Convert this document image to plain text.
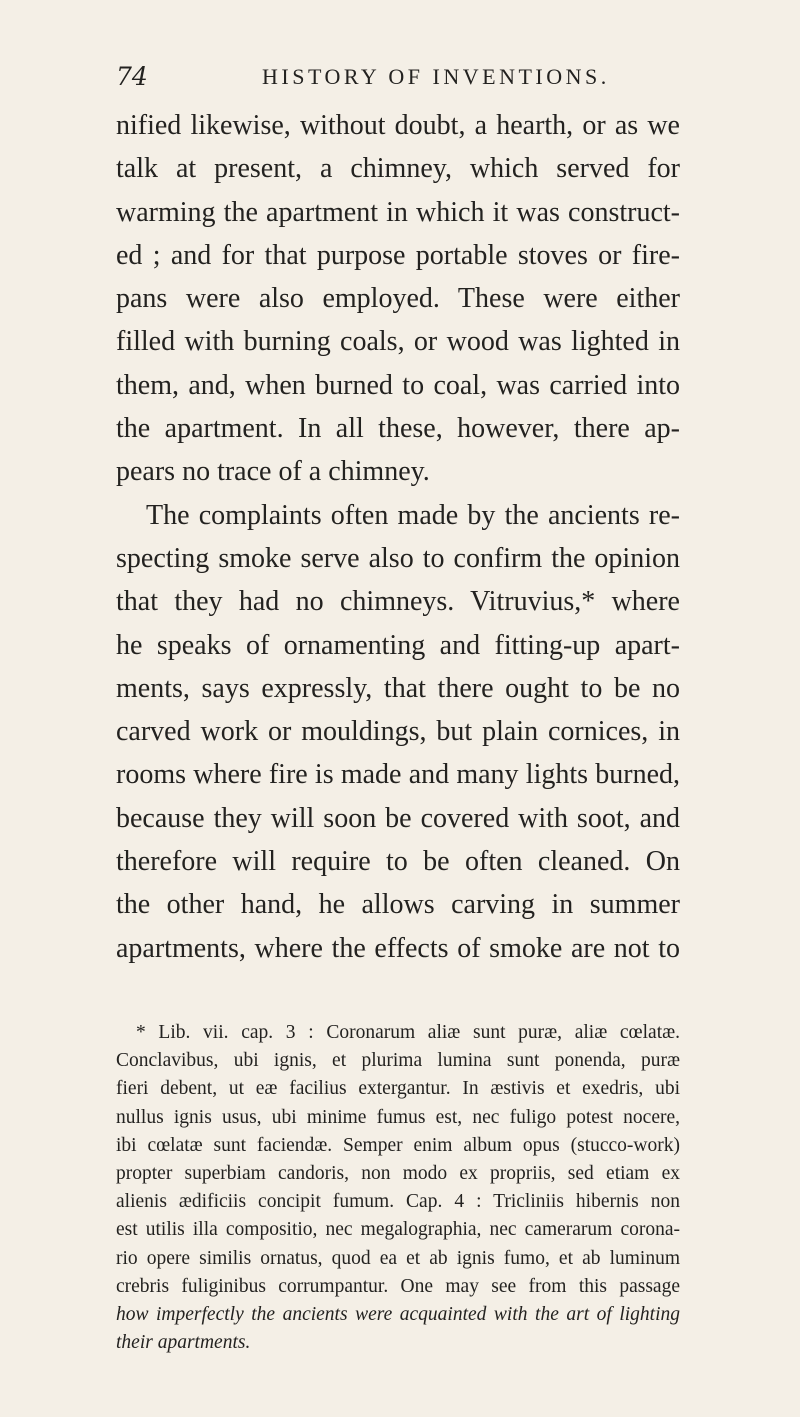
74	HISTORY OF INVENTIONS.
nified likewise, without doubt, a hearth, or as we
talk at present, a chimney, which served for
warming the apartment in which it was construct-
ed ; and for that purpose portable stoves or fire-
pans were also employed. These were either
filled with burning coals, or wood was lighted in
them, and, when burned to coal, was carried into
the apartment. In all these, however, there ap-
pears no trace of a chimney.
The complaints often made by the ancients re-
specting smoke serve also to confirm the opinion
that they had no chimneys. Vitruvius,* where
he speaks of ornamenting and fitting-up apart-
ments, says expressly, that there ought to be no
carved work or mouldings, but plain cornices, in
rooms where fire is made and many lights burned,
because they will soon be covered with soot, and
therefore will require to be often cleaned. On
the other hand, he allows carving in summer
apartments, where the effects of smoke are not to
* Lib. vii. cap. 3 : Coronarum aliæ sunt puræ, aliæ cœlatæ.
Conclavibus, ubi ignis, et plurima lumina sunt ponenda, puræ
fieri debent, ut eæ facilius extergantur. In æstivis et exedris, ubi
nullus ignis usus, ubi minime fumus est, nec fuligo potest nocere,
ibi cœlatæ sunt faciendæ. Semper enim album opus (stucco-work)
propter superbiam candoris, non modo ex propriis, sed etiam ex
alienis ædificiis concipit fumum. Cap. 4 : Tricliniis hibernis non
est utilis illa compositio, nec megalographia, nec camerarum corona-
rio opere similis ornatus, quod ea et ab ignis fumo, et ab luminum
crebris fuliginibus corrumpantur. One may see from this passage
how imperfectly the ancients were acquainted with the art of lighting
their apartments.
